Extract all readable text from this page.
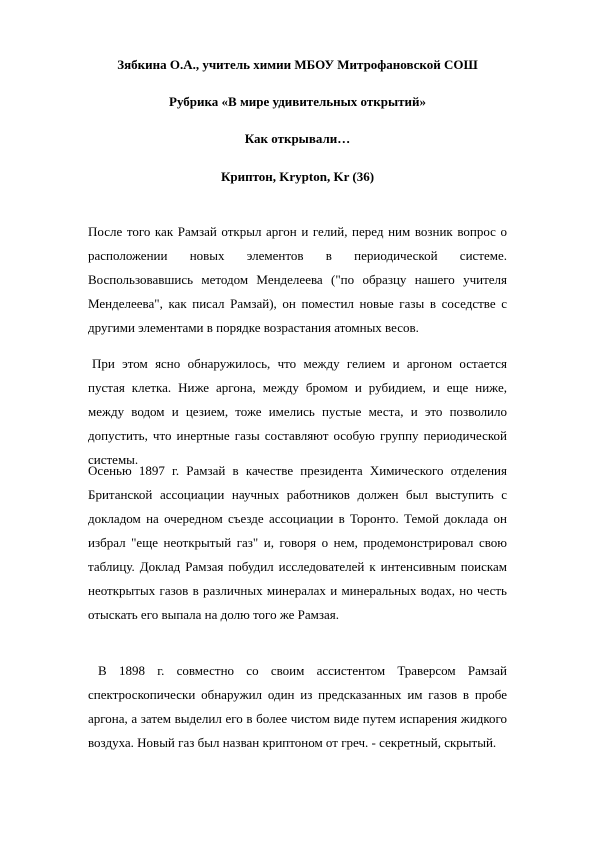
Зябкина О.А., учитель химии МБОУ Митрофановской СОШ
Рубрика «В мире удивительных открытий»
Как открывали…
Криптон, Krypton, Kr (36)

После того как Рамзай открыл аргон и гелий, перед ним возник вопрос о расположении новых элементов в периодической системе. Воспользовавшись методом Менделеева ("по образцу нашего учителя Менделеева", как писал Рамзай), он поместил новые газы в соседстве с другими элементами в порядке возрастания атомных весов.

При этом ясно обнаружилось, что между гелием и аргоном остается пустая клетка. Ниже аргона, между бромом и рубидием, и еще ниже, между водом и цезием, тоже имелись пустые места, и это позволило допустить, что инертные газы составляют особую группу периодической системы.

Осенью 1897 г. Рамзай в качестве президента Химического отделения Британской ассоциации научных работников должен был выступить с докладом на очередном съезде ассоциации в Торонто. Темой доклада он избрал "еще неоткрытый газ" и, говоря о нем, продемонстрировал свою таблицу. Доклад Рамзая побудил исследователей к интенсивным поискам неоткрытых газов в различных минералах и минеральных водах, но честь отыскать его выпала на долю того же Рамзая.

В 1898 г. совместно со своим ассистентом Траверсом Рамзай спектроскопически обнаружил один из предсказанных им газов в пробе аргона, а затем выделил его в более чистом виде путем испарения жидкого воздуха. Новый газ был назван криптоном от греч. - секретный, скрытый.
